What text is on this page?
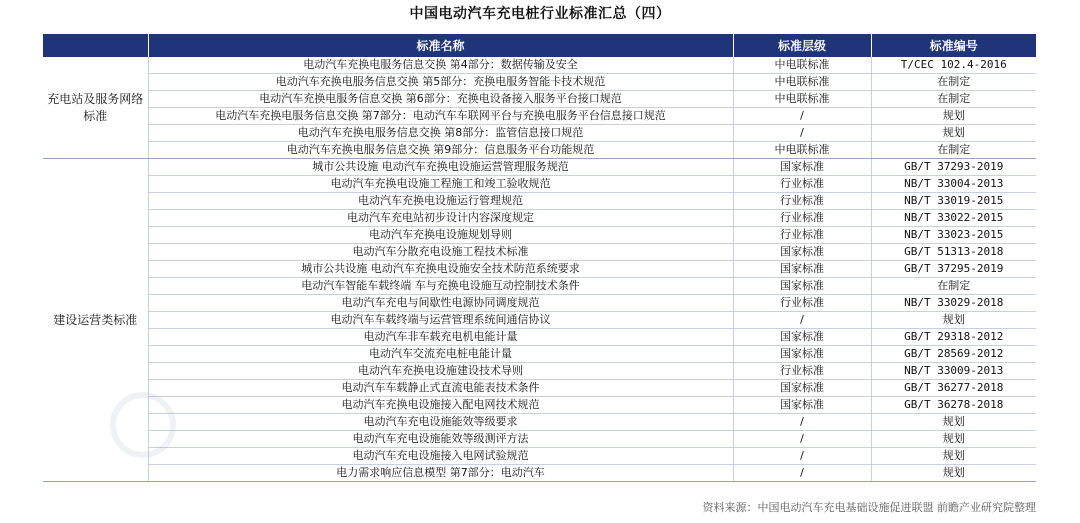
中国电动汽车充电桩行业标准汇总（四）
	标准名称	标准层级	标准编号
充电站及服务网络标准	电动汽车充换电服务信息交换 第4部分：数据传输及安全	中电联标准	T/CEC 102.4-2016
	电动汽车充换电服务信息交换 第5部分：充换电服务智能卡技术规范	中电联标准	在制定
	电动汽车充换电服务信息交换 第6部分：充换电设备接入服务平台接口规范	中电联标准	在制定
	电动汽车充换电服务信息交换 第7部分：电动汽车车联网平台与充换电服务平台信息接口规范	/	规划
	电动汽车充换电服务信息交换 第8部分：监管信息接口规范	/	规划
	电动汽车充换电服务信息交换 第9部分：信息服务平台功能规范	中电联标准	在制定
建设运营类标准	城市公共设施 电动汽车充换电设施运营管理服务规范	国家标准	GB/T 37293-2019
	电动汽车充换电设施工程施工和竣工验收规范	行业标准	NB/T 33004-2013
	电动汽车充换电设施运行管理规范	行业标准	NB/T 33019-2015
	电动汽车充电站初步设计内容深度规定	行业标准	NB/T 33022-2015
	电动汽车充换电设施规划导则	行业标准	NB/T 33023-2015
	电动汽车分散充电设施工程技术标准	国家标准	GB/T 51313-2018
	城市公共设施 电动汽车充换电设施安全技术防范系统要求	国家标准	GB/T 37295-2019
	电动汽车智能车载终端 车与充换电设施互动控制技术条件	国家标准	在制定
	电动汽车充电与间歇性电源协同调度规范	行业标准	NB/T 33029-2018
	电动汽车车载终端与运营管理系统间通信协议	/	规划
	电动汽车非车载充电机电能计量	国家标准	GB/T 29318-2012
	电动汽车交流充电桩电能计量	国家标准	GB/T 28569-2012
	电动汽车充换电设施建设技术导则	行业标准	NB/T 33009-2013
	电动汽车车载静止式直流电能表技术条件	国家标准	GB/T 36277-2018
	电动汽车充换电设施接入配电网技术规范	国家标准	GB/T 36278-2018
	电动汽车充电设施能效等级要求	/	规划
	电动汽车充电设施能效等级测评方法	/	规划
	电动汽车充电设施接入电网试验规范	/	规划
	电力需求响应信息模型 第7部分：电动汽车	/	规划
资料来源：中国电动汽车充电基础设施促进联盟 前瞻产业研究院整理
